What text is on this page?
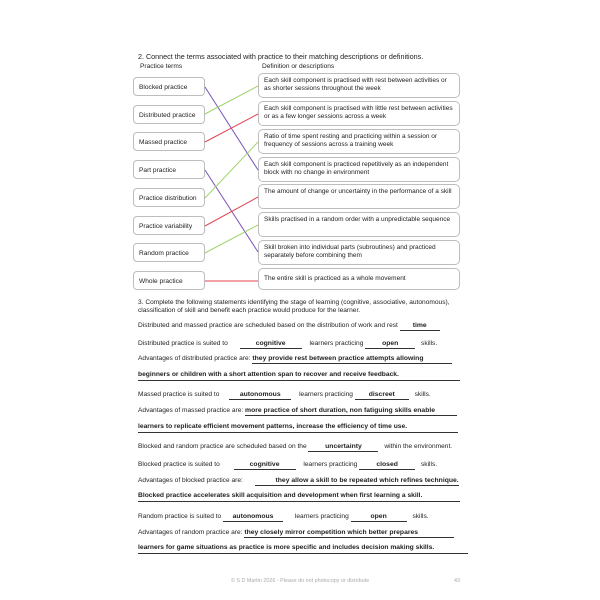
2. Connect the terms associated with practice to their matching descriptions or definitions.
Practice terms	Definition or descriptions
Blocked practice
Distributed practice
Massed practice
Part practice
Practice distribution
Practice variability
Random practice
Whole practice
Each skill component is practised with rest between activities or as shorter sessions throughout the week
Each skill component is practised with little rest between activities or as a few longer sessions across a week
Ratio of time spent resting and practicing within a session or frequency of sessions across a training week
Each skill component is practiced repetitively as an independent block with no change in environment
The amount of change or uncertainty in the performance of a skill
Skills practised in a random order with a unpredictable sequence
Skill broken into individual parts (subroutines) and practiced separately before combining them
The entire skill is practiced as a whole movement
3. Complete the following statements identifying the stage of learning (cognitive, associative, autonomous), classification of skill and benefit each practice would produce for the learner.
Distributed and massed practice are scheduled based on the distribution of work and rest time
Distributed practice is suited to	cognitive	learners practicing	open	skills.
Advantages of distributed practice are: they provide rest between practice attempts allowing
beginners or children with a short attention span to recover and receive feedback.
Massed practice is suited to	autonomous	learners practicing discreet	skills.
Advantages of massed practice are: more practice of short duration, non fatiguing skills enable
learners to replicate efficient movement patterns, increase the efficiency of time use.
Blocked and random practice are scheduled based on the	uncertainty	within the environment.
Blocked practice is suited to	cognitive	learners practicing	closed	skills.
Advantages of blocked practice are:	they allow a skill to be repeated which refines technique.
Blocked practice accelerates skill acquisition and development when first learning a skill.
Random practice is suited to autonomous	learners practicing	open	skills.
Advantages of random practice are: they closely mirror competition which better prepares
learners for game situations as practice is more specific and includes decision making skills.
© S D Martin 2026 - Please do not photocopy or distribute	43
